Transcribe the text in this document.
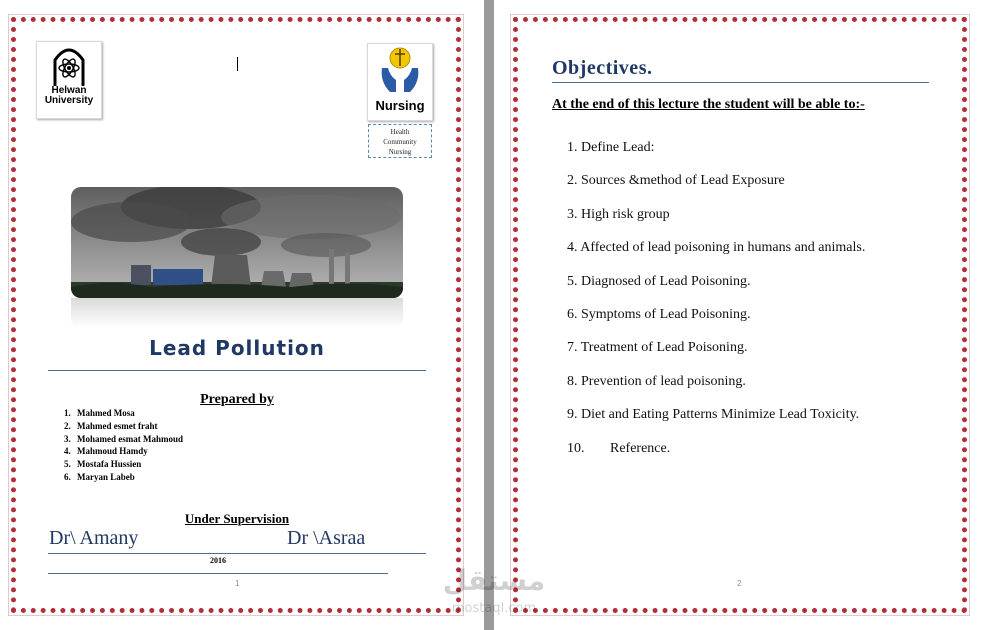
Helwan
University	Nursing
Health
Community
Nursing
Lead Pollution
Prepared by
1. Mahmed Mosa
2. Mahmed esmet fraht
3. Mohamed esmat Mahmoud
4. Mahmoud Hamdy
5. Mostafa Hussien
6. Maryan Labeb
Under Supervision
Dr\ Amany	Dr \Asraa
2016
1
Objectives.
At the end of this lecture the student will be able to:-
1. Define Lead:
2. Sources &method of Lead Exposure
3. High risk group
4. Affected of lead poisoning in humans and animals.
5. Diagnosed of Lead Poisoning.
6. Symptoms of Lead Poisoning.
7. Treatment of Lead Poisoning.
8. Prevention of lead poisoning.
9. Diet and Eating Patterns Minimize Lead Toxicity.
10. Reference.
2
مستقل
mostaql.com
